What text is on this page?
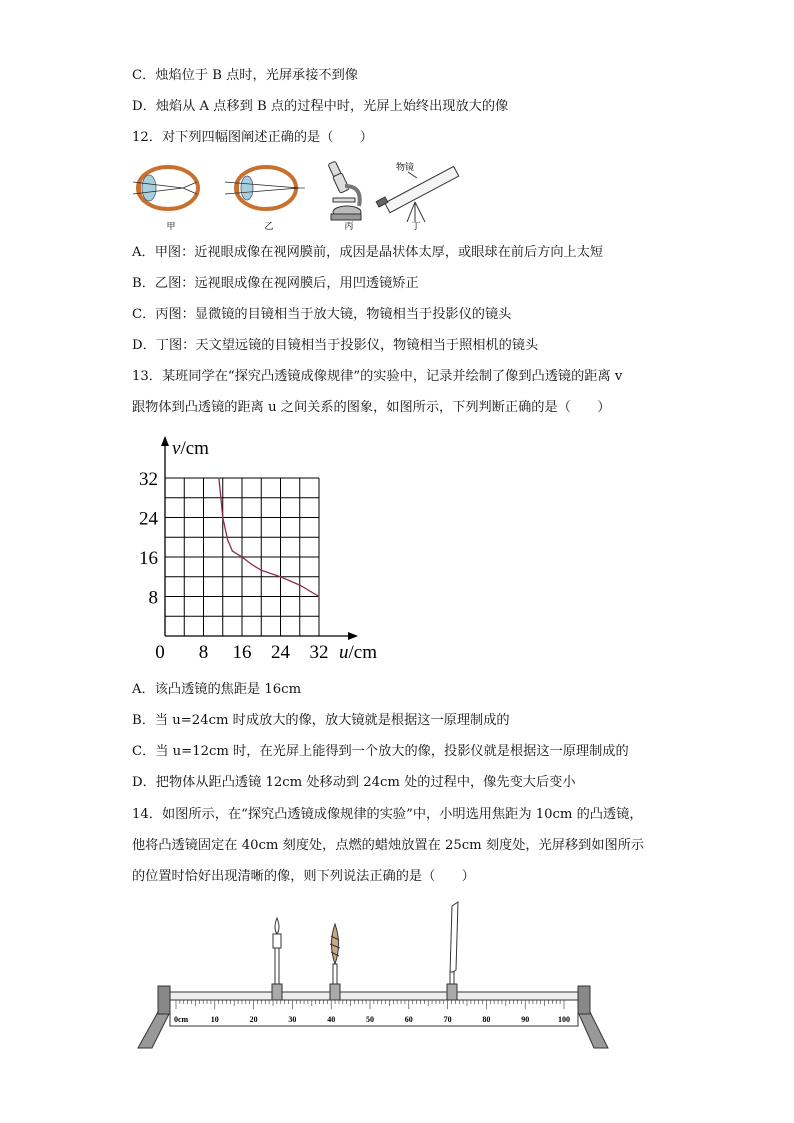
C．烛焰位于 B 点时，光屏承接不到像
D．烛焰从 A 点移到 B 点的过程中时，光屏上始终出现放大的像
12．对下列四幅图阐述正确的是（　　）
甲	乙	丙
物镜
丁
A．甲图：近视眼成像在视网膜前，成因是晶状体太厚，或眼球在前后方向上太短
B．乙图：远视眼成像在视网膜后，用凹透镜矫正
C．丙图：显微镜的目镜相当于放大镜，物镜相当于投影仪的镜头
D．丁图：天文望远镜的目镜相当于投影仪，物镜相当于照相机的镜头
13．某班同学在“探究凸透镜成像规律”的实验中，记录并绘制了像到凸透镜的距离 v
跟物体到凸透镜的距离 u 之间关系的图象，如图所示，下列判断正确的是（　　）
8
16
24
32
0 8 16 24 32
v/cm
u/cm
A．该凸透镜的焦距是 16cm
B．当 u=24cm 时成放大的像，放大镜就是根据这一原理制成的
C．当 u=12cm 时，在光屏上能得到一个放大的像，投影仪就是根据这一原理制成的
D．把物体从距凸透镜 12cm 处移动到 24cm 处的过程中，像先变大后变小
14．如图所示，在“探究凸透镜成像规律的实验”中，小明选用焦距为 10cm 的凸透镜，
他将凸透镜固定在 40cm 刻度处，点燃的蜡烛放置在 25cm 刻度处，光屏移到如图所示
的位置时恰好出现清晰的像，则下列说法正确的是（　　）
0cm	10	20	30	40	50	60	70	80	90	100
